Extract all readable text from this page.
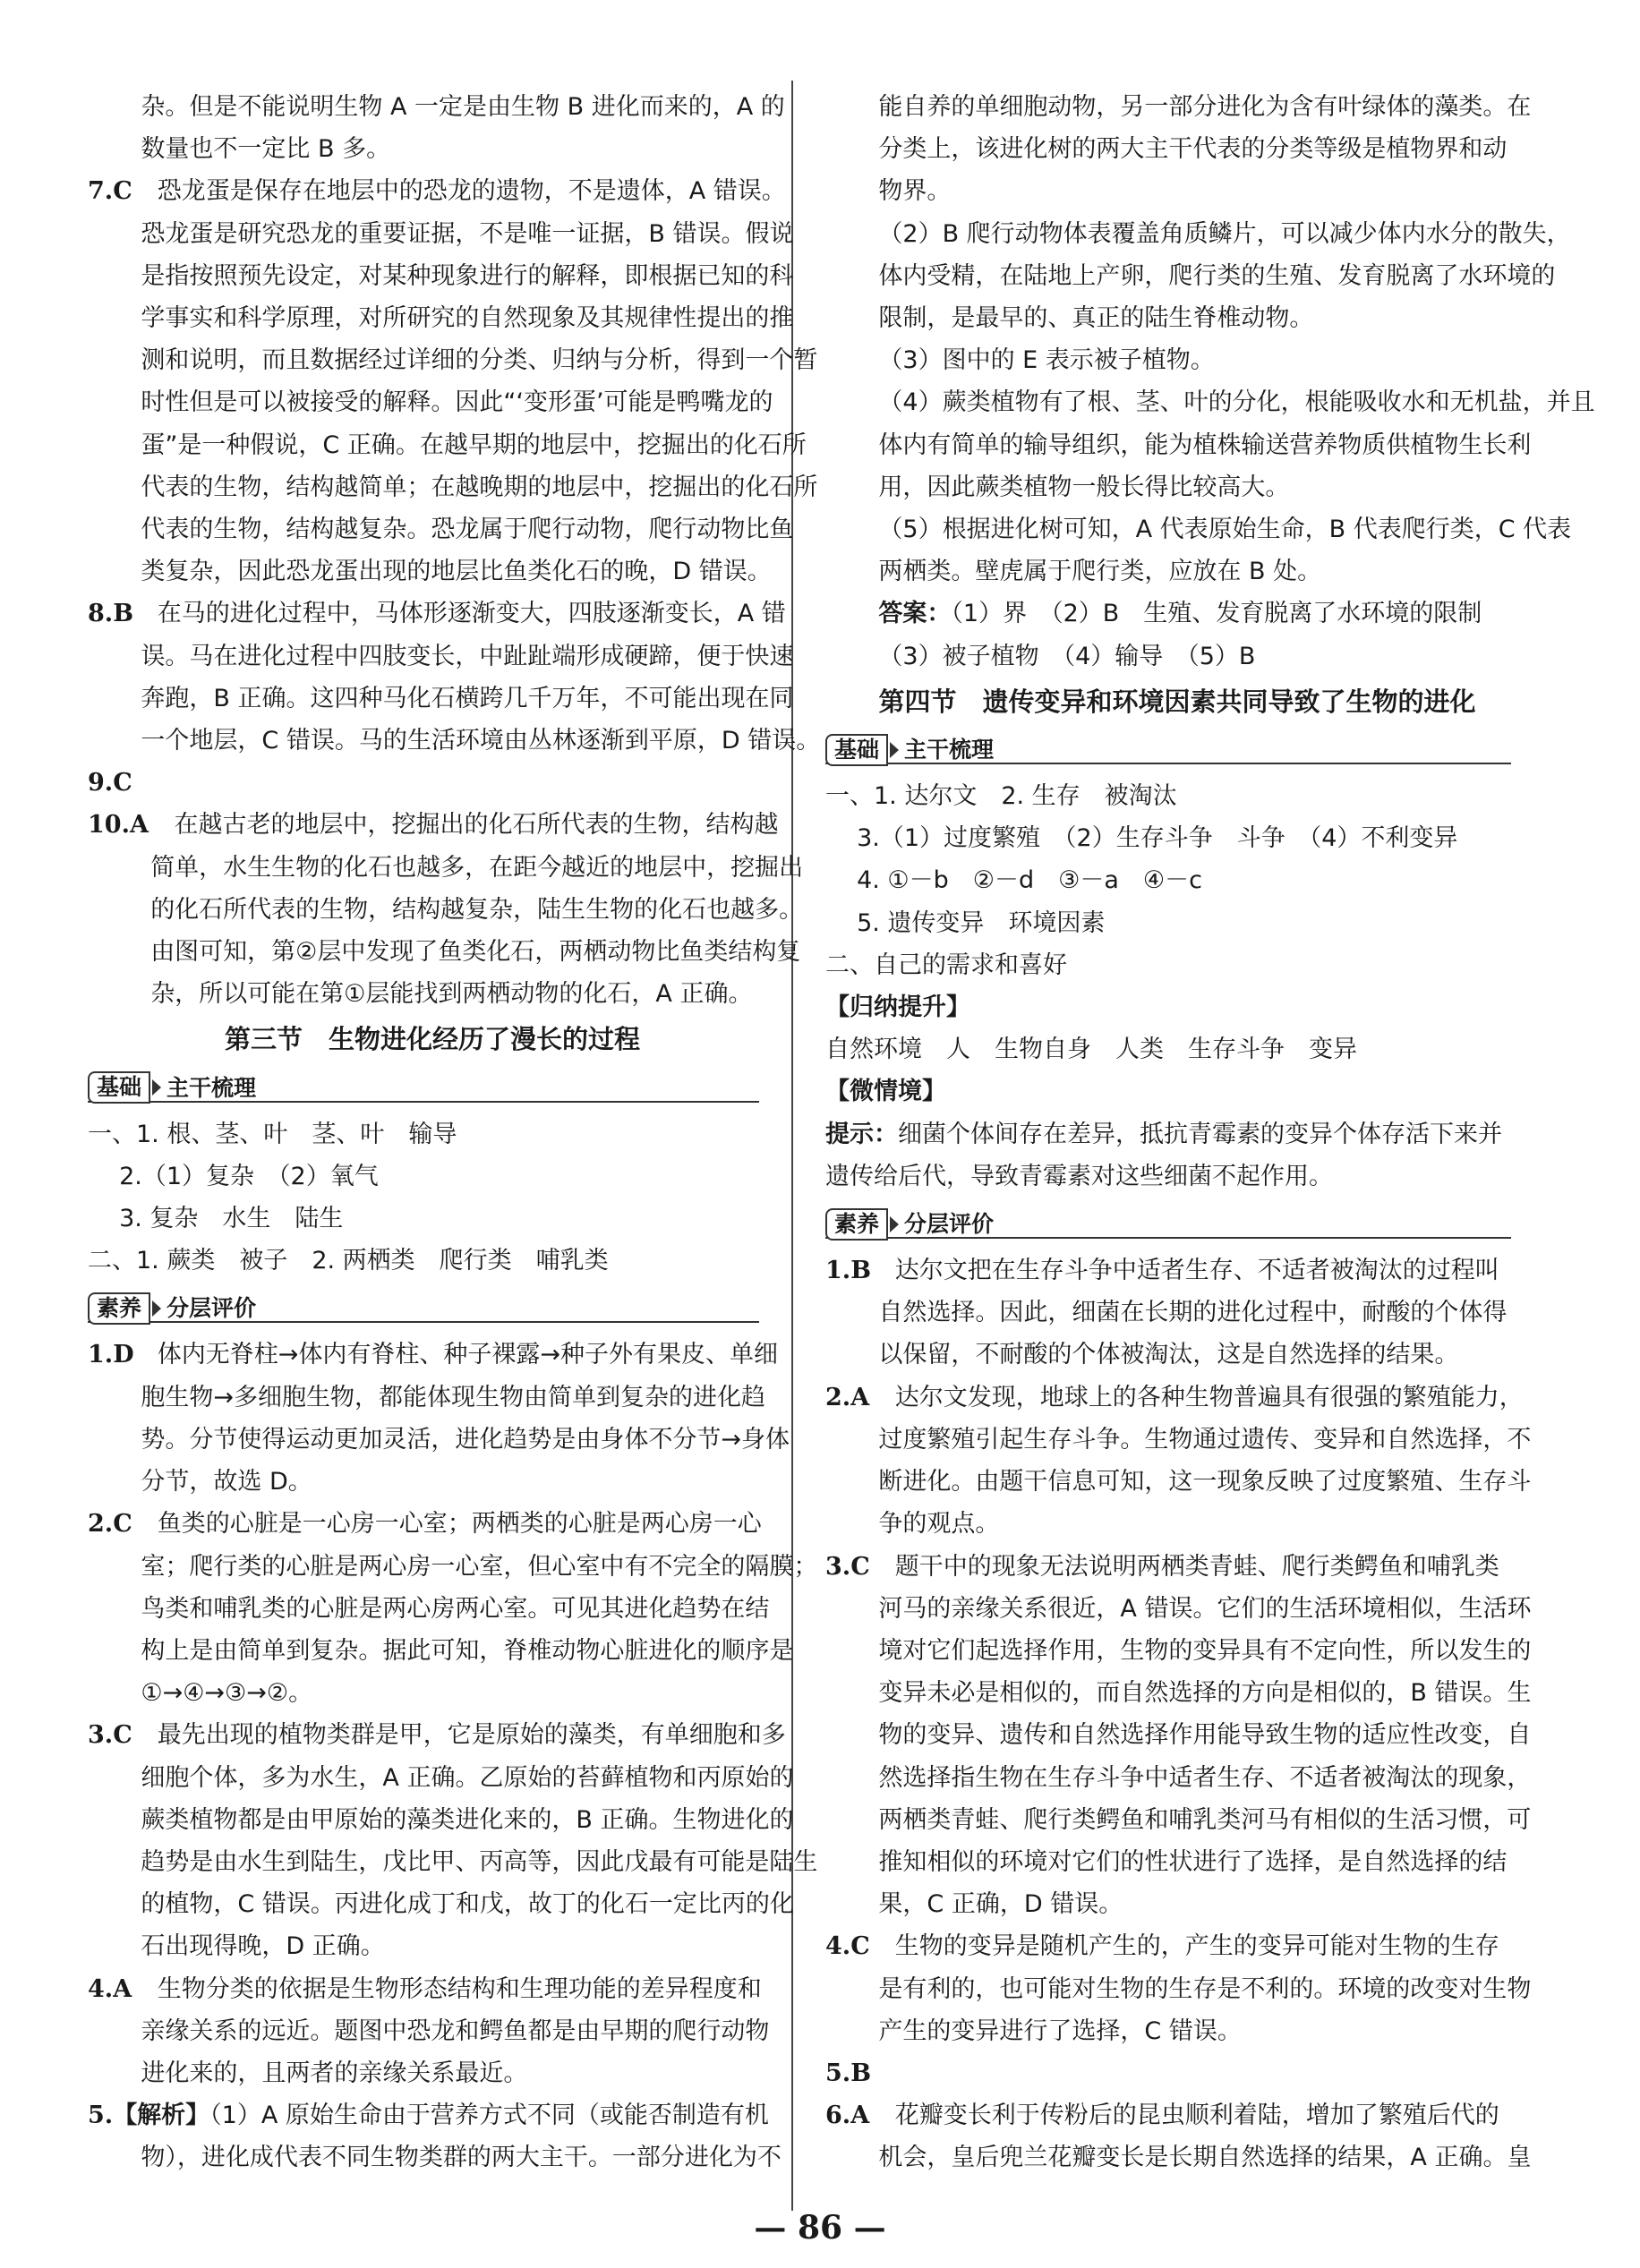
杂。但是不能说明生物 A 一定是由生物 B 进化而来的，A 的

数量也不一定比 B 多。

7.C 恐龙蛋是保存在地层中的恐龙的遗物，不是遗体，A 错误。

恐龙蛋是研究恐龙的重要证据，不是唯一证据，B 错误。假说

是指按照预先设定，对某种现象进行的解释，即根据已知的科

学事实和科学原理，对所研究的自然现象及其规律性提出的推

测和说明，而且数据经过详细的分类、归纳与分析，得到一个暂

时性但是可以被接受的解释。因此“‘变形蛋’可能是鸭嘴龙的

蛋”是一种假说，C 正确。在越早期的地层中，挖掘出的化石所

代表的生物，结构越简单；在越晚期的地层中，挖掘出的化石所

代表的生物，结构越复杂。恐龙属于爬行动物，爬行动物比鱼

类复杂，因此恐龙蛋出现的地层比鱼类化石的晚，D 错误。

8.B 在马的进化过程中，马体形逐渐变大，四肢逐渐变长，A 错

误。马在进化过程中四肢变长，中趾趾端形成硬蹄，便于快速

奔跑，B 正确。这四种马化石横跨几千万年，不可能出现在同

一个地层，C 错误。马的生活环境由丛林逐渐到平原，D 错误。

9.C

10.A 在越古老的地层中，挖掘出的化石所代表的生物，结构越

简单，水生生物的化石也越多，在距今越近的地层中，挖掘出

的化石所代表的生物，结构越复杂，陆生生物的化石也越多。

由图可知，第②层中发现了鱼类化石，两栖动物比鱼类结构复

杂，所以可能在第①层能找到两栖动物的化石，A 正确。

第三节　生物进化经历了漫长的过程
基础	主干梳理

一、1. 根、茎、叶　茎、叶　输导

2.（1）复杂　（2）氧气

3. 复杂　水生　陆生

二、1. 蕨类　被子　2. 两栖类　爬行类　哺乳类

素养	分层评价

1.D 体内无脊柱→体内有脊柱、种子裸露→种子外有果皮、单细

胞生物→多细胞生物，都能体现生物由简单到复杂的进化趋

势。分节使得运动更加灵活，进化趋势是由身体不分节→身体

分节，故选 D。

2.C 鱼类的心脏是一心房一心室；两栖类的心脏是两心房一心

室；爬行类的心脏是两心房一心室，但心室中有不完全的隔膜；

鸟类和哺乳类的心脏是两心房两心室。可见其进化趋势在结

构上是由简单到复杂。据此可知，脊椎动物心脏进化的顺序是

①→④→③→②。

3.C 最先出现的植物类群是甲，它是原始的藻类，有单细胞和多

细胞个体，多为水生，A 正确。乙原始的苔藓植物和丙原始的

蕨类植物都是由甲原始的藻类进化来的，B 正确。生物进化的

趋势是由水生到陆生，戊比甲、丙高等，因此戊最有可能是陆生

的植物，C 错误。丙进化成丁和戊，故丁的化石一定比丙的化

石出现得晚，D 正确。

4.A 生物分类的依据是生物形态结构和生理功能的差异程度和

亲缘关系的远近。题图中恐龙和鳄鱼都是由早期的爬行动物

进化来的，且两者的亲缘关系最近。

5.【解析】（1）A 原始生命由于营养方式不同（或能否制造有机

物），进化成代表不同生物类群的两大主干。一部分进化为不

能自养的单细胞动物，另一部分进化为含有叶绿体的藻类。在

分类上，该进化树的两大主干代表的分类等级是植物界和动

物界。

（2）B 爬行动物体表覆盖角质鳞片，可以减少体内水分的散失，

体内受精，在陆地上产卵，爬行类的生殖、发育脱离了水环境的

限制，是最早的、真正的陆生脊椎动物。

（3）图中的 E 表示被子植物。

（4）蕨类植物有了根、茎、叶的分化，根能吸收水和无机盐，并且

体内有简单的输导组织，能为植株输送营养物质供植物生长利

用，因此蕨类植物一般长得比较高大。

（5）根据进化树可知，A 代表原始生命，B 代表爬行类，C 代表

两栖类。壁虎属于爬行类，应放在 B 处。

答案：（1）界　（2）B　生殖、发育脱离了水环境的限制

（3）被子植物　（4）输导　（5）B

第四节　遗传变异和环境因素共同导致了生物的进化
基础	主干梳理

一、1. 达尔文　2. 生存　被淘汰

3.（1）过度繁殖　（2）生存斗争　斗争　（4）不利变异

4. ①－b　②－d　③－a　④－c

5. 遗传变异　环境因素

二、自己的需求和喜好

【归纳提升】

自然环境　人　生物自身　人类　生存斗争　变异

【微情境】

提示：细菌个体间存在差异，抵抗青霉素的变异个体存活下来并

遗传给后代，导致青霉素对这些细菌不起作用。

素养	分层评价

1.B 达尔文把在生存斗争中适者生存、不适者被淘汰的过程叫

自然选择。因此，细菌在长期的进化过程中，耐酸的个体得

以保留，不耐酸的个体被淘汰，这是自然选择的结果。

2.A 达尔文发现，地球上的各种生物普遍具有很强的繁殖能力，

过度繁殖引起生存斗争。生物通过遗传、变异和自然选择，不

断进化。由题干信息可知，这一现象反映了过度繁殖、生存斗

争的观点。

3.C 题干中的现象无法说明两栖类青蛙、爬行类鳄鱼和哺乳类

河马的亲缘关系很近，A 错误。它们的生活环境相似，生活环

境对它们起选择作用，生物的变异具有不定向性，所以发生的

变异未必是相似的，而自然选择的方向是相似的，B 错误。生

物的变异、遗传和自然选择作用能导致生物的适应性改变，自

然选择指生物在生存斗争中适者生存、不适者被淘汰的现象，

两栖类青蛙、爬行类鳄鱼和哺乳类河马有相似的生活习惯，可

推知相似的环境对它们的性状进行了选择，是自然选择的结

果，C 正确，D 错误。

4.C 生物的变异是随机产生的，产生的变异可能对生物的生存

是有利的，也可能对生物的生存是不利的。环境的改变对生物

产生的变异进行了选择，C 错误。

5.B

6.A 花瓣变长利于传粉后的昆虫顺利着陆，增加了繁殖后代的

机会，皇后兜兰花瓣变长是长期自然选择的结果，A 正确。皇

— 86 —
